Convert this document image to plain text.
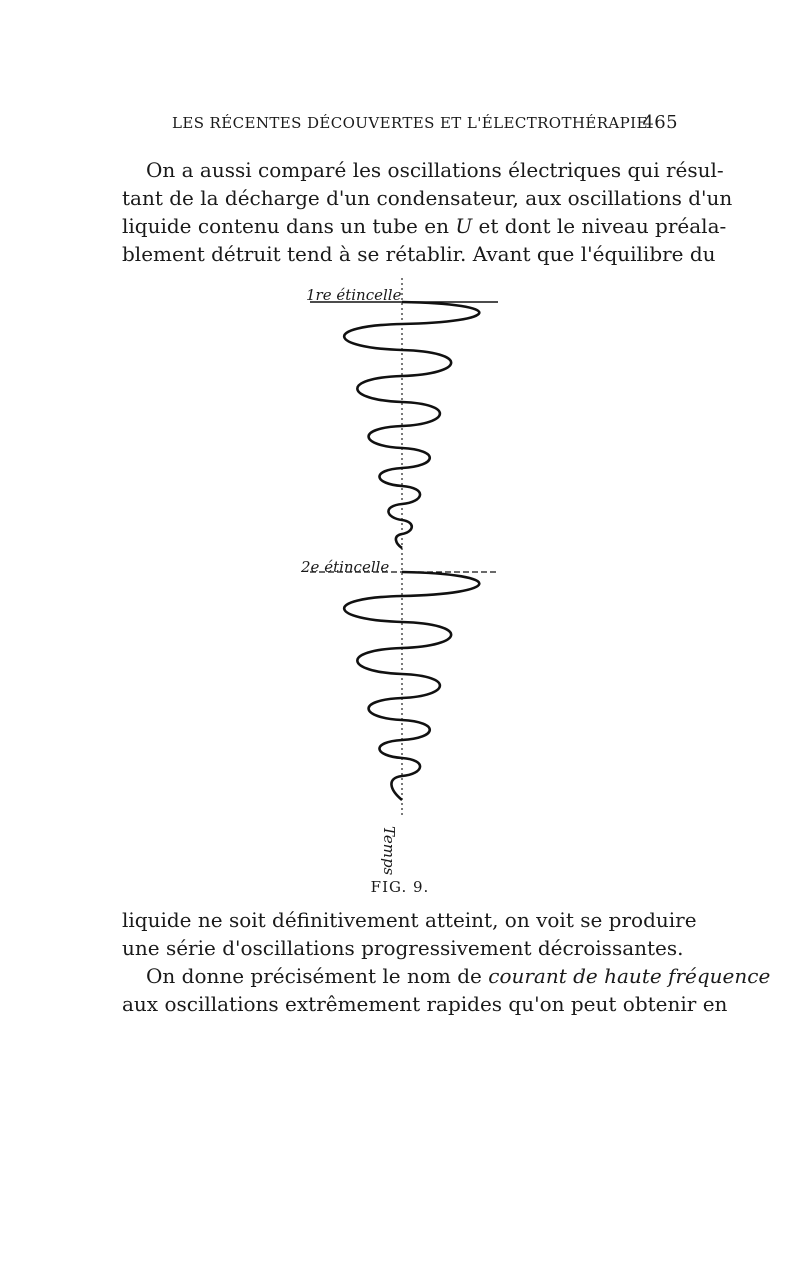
LES RÉCENTES DÉCOUVERTES ET L'ÉLECTROTHÉRAPIE
465
On a aussi comparé les oscillations électriques qui résul-
tant de la décharge d'un condensateur, aux oscillations d'un
liquide contenu dans un tube en U et dont le niveau préala-
blement détruit tend à se rétablir. Avant que l'équilibre du
1re étincelle
2e étincelle
Temps
FIG. 9.
liquide ne soit définitivement atteint, on voit se produire
une série d'oscillations progressivement décroissantes.
On donne précisément le nom de courant de haute fréquence
aux oscillations extrêmement rapides qu'on peut obtenir en
